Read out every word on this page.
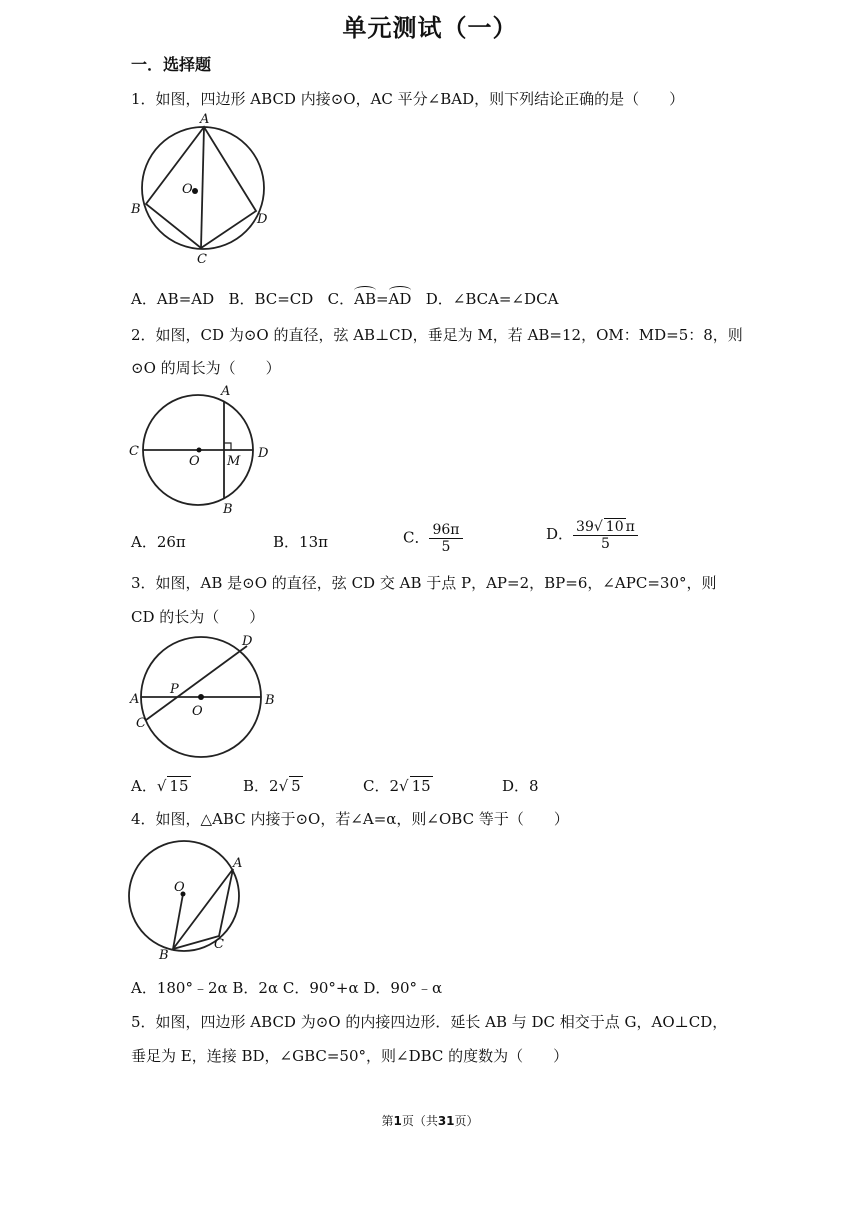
单元测试（一）
一．选择题
1．如图，四边形 ABCD 内接⊙O，AC 平分∠BAD，则下列结论正确的是（　　）
A
B
C
D
O
A．AB=AD B．BC=CD C．AB=AD D．∠BCA=∠DCA
2．如图，CD 为⊙O 的直径，弦 AB⊥CD，垂足为 M，若 AB=12，OM：MD=5：8，则
⊙O 的周长为（　　）
A
B
C	D
O M
A．26π	B．13π	C． $\frac{96\pi}{5}$	D． $\frac{39√ 10 \pi}{5}$
3．如图，AB 是⊙O 的直径，弦 CD 交 AB 于点 P，AP=2，BP=6，∠APC=30°，则
CD 的长为（　　）
A	B
C
D
O
P
A．√ 15	B．2√ 5	C．2√ 15	D．8
4．如图，△ABC 内接于⊙O，若∠A=α，则∠OBC 等于（　　）
A
B
C
O
A．180°﹣2α B．2α C．90°+α D．90°﹣α
5．如图，四边形 ABCD 为⊙O 的内接四边形．延长 AB 与 DC 相交于点 G，AO⊥CD，
垂足为 E，连接 BD，∠GBC=50°，则∠DBC 的度数为（　　）
第1页（共31页）
